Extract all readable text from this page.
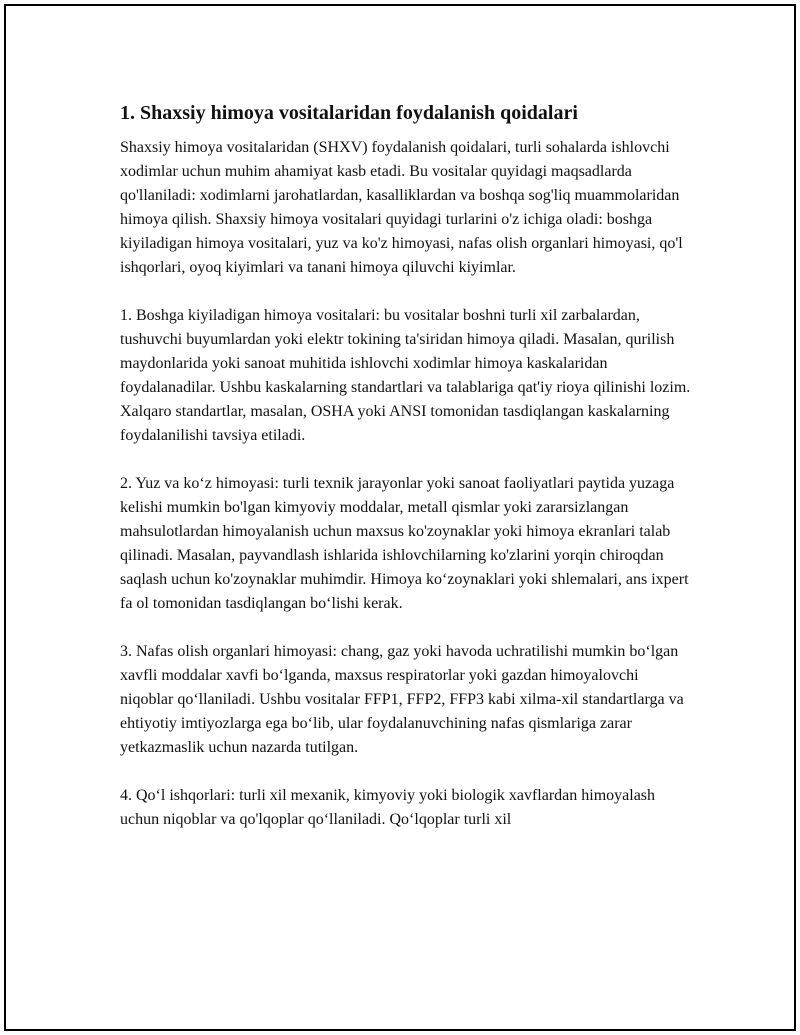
1. Shaxsiy himoya vositalaridan foydalanish qoidalari

Shaxsiy himoya vositalaridan (SHXV) foydalanish qoidalari, turli sohalarda ishlovchi xodimlar uchun muhim ahamiyat kasb etadi. Bu vositalar quyidagi maqsadlarda qo'llaniladi: xodimlarni jarohatlardan, kasalliklardan va boshqa sog'liq muammolaridan himoya qilish. Shaxsiy himoya vositalari quyidagi turlarini o'z ichiga oladi: boshga kiyiladigan himoya vositalari, yuz va ko'z himoyasi, nafas olish organlari himoyasi, qo'l ishqorlari, oyoq kiyimlari va tanani himoya qiluvchi kiyimlar.

1. Boshga kiyiladigan himoya vositalari: bu vositalar boshni turli xil zarbalardan, tushuvchi buyumlardan yoki elektr tokining ta'siridan himoya qiladi. Masalan, qurilish maydonlarida yoki sanoat muhitida ishlovchi xodimlar himoya kaskalaridan foydalanadilar. Ushbu kaskalarning standartlari va talablariga qat'iy rioya qilinishi lozim. Xalqaro standartlar, masalan, OSHA yoki ANSI tomonidan tasdiqlangan kaskalarning foydalanilishi tavsiya etiladi.

2. Yuz va ko‘z himoyasi: turli texnik jarayonlar yoki sanoat faoliyatlari paytida yuzaga kelishi mumkin bo'lgan kimyoviy moddalar, metall qismlar yoki zararsizlangan mahsulotlardan himoyalanish uchun maxsus ko'zoynaklar yoki himoya ekranlari talab qilinadi. Masalan, payvandlash ishlarida ishlovchilarning ko'zlarini yorqin chiroqdan saqlash uchun ko'zoynaklar muhimdir. Himoya ko‘zoynaklari yoki shlemalari, ans ixpert fa ol tomonidan tasdiqlangan bo‘lishi kerak.

3. Nafas olish organlari himoyasi: chang, gaz yoki havoda uchratilishi mumkin bo‘lgan xavfli moddalar xavfi bo‘lganda, maxsus respiratorlar yoki gazdan himoyalovchi niqoblar qo‘llaniladi. Ushbu vositalar FFP1, FFP2, FFP3 kabi xilma-xil standartlarga va ehtiyotiy imtiyozlarga ega bo‘lib, ular foydalanuvchining nafas qismlariga zarar yetkazmaslik uchun nazarda tutilgan.

4. Qo‘l ishqorlari: turli xil mexanik, kimyoviy yoki biologik xavflardan himoyalash uchun niqoblar va qo'lqoplar qo‘llaniladi. Qo‘lqoplar turli xil
